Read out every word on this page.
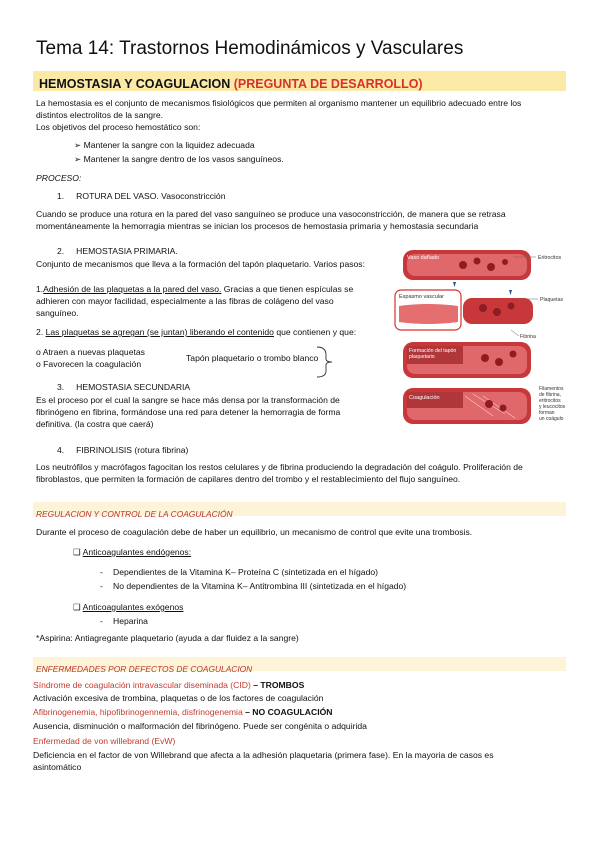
Tema 14: Trastornos Hemodinámicos y Vasculares
HEMOSTASIA Y COAGULACION (PREGUNTA DE DESARROLLO)
La hemostasia es el conjunto de mecanismos fisiológicos que permiten al organismo mantener un equilibrio adecuado entre los
distintos electrolitos de la sangre.
Los objetivos del proceso hemostático son:
➢ Mantener la sangre con la liquidez adecuada
➢ Mantener la sangre dentro de los vasos sanguíneos.
PROCESO:
1. ROTURA DEL VASO. Vasoconstricción
Cuando se produce una rotura en la pared del vaso sanguíneo se produce una vasoconstricción, de manera que se retrasa
momentáneamente la hemorragia mientras se inician los procesos de hemostasia primaria y hemostasia secundaria
2. HEMOSTASIA PRIMARIA.
Conjunto de mecanismos que lleva a la formación del tapón plaquetario. Varios pasos:
1.Adhesión de las plaquetas a la pared del vaso. Gracias a que tienen espículas se
adhieren con mayor facilidad, especialmente a las fibras de colágeno del vaso
sanguíneo.
2. Las plaquetas se agregan (se juntan) liberando el contenido que contienen y que:
o Atraen a nuevas plaquetas
o Favorecen la coagulación
Tapón plaquetario o trombo blanco
3. HEMOSTASIA SECUNDARIA
Es el proceso por el cual la sangre se hace más densa por la transformación de
fibrinógeno en fibrina, formándose una red para detener la hemorragia de forma
definitiva. (la costra que caerá)
4. FIBRINOLISIS (rotura fibrina)
Los neutrófilos y macrófagos fagocitan los restos celulares y de fibrina produciendo la degradación del coágulo. Proliferación de
fibroblastos, que permiten la formación de capilares dentro del trombo y el restablecimiento del flujo sanguíneo.
Vaso dañado	Eritrocitos
Espasmo vascular	Plaquetas
Fibrina
Formación del tapón plaquetario
Coagulación
Filamentos de fibrina, eritrocitos y leucocitos forman un coágulo
REGULACION Y CONTROL DE LA COAGULACIÓN
Durante el proceso de coagulación debe de haber un equilibrio, un mecanismo de control que evite una trombosis.
❑ Anticoagulantes endógenos:
- Dependientes de la Vitamina K– Proteína C (sintetizada en el hígado)
- No dependientes de la Vitamina K– Antitrombina III (sintetizada en el hígado)
❑ Anticoagulantes exógenos
- Heparina
*Aspirina: Antiagregante plaquetario (ayuda a dar fluidez a la sangre)
ENFERMEDADES POR DEFECTOS DE COAGULACION
Síndrome de coagulación intravascular diseminada (CID) – TROMBOS
Activación excesiva de trombina, plaquetas o de los factores de coagulación
Afibrinogenemia, hipofibrinogennemia, disfrinogenemia – NO COAGULACIÓN
Ausencia, disminución o malformación del fibrinógeno. Puede ser congénita o adquirida
Enfermedad de von willebrand (EvW)
Deficiencia en el factor de von Willebrand que afecta a la adhesión plaquetaria (primera fase). En la mayoria de casos es
asintomático
